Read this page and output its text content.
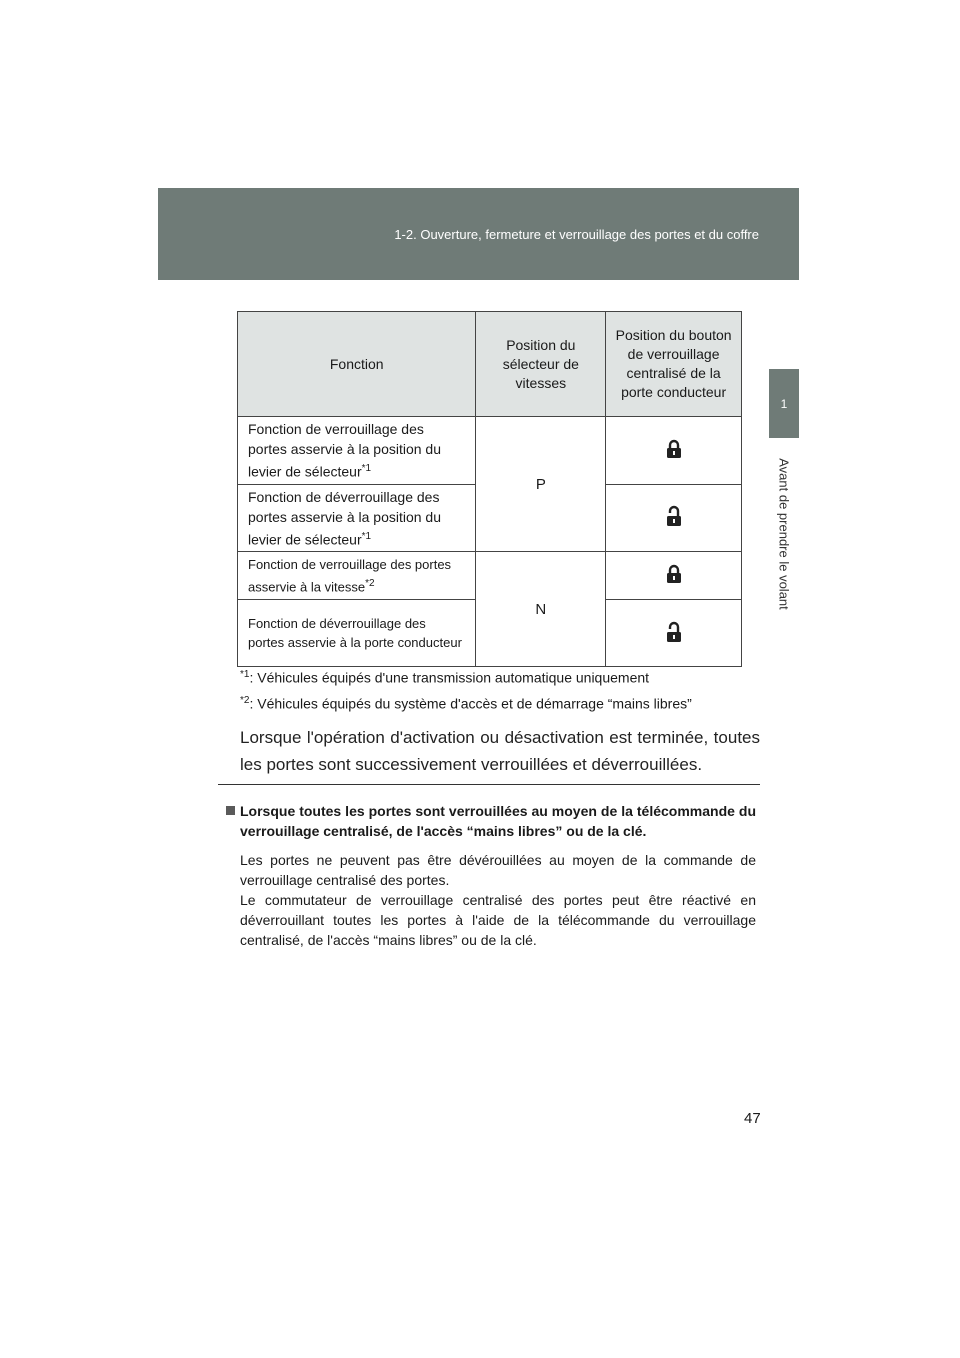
1-2. Ouverture, fermeture et verrouillage des portes et du coffre
1
Avant de prendre le volant
Fonction	Position du sélecteur de vitesses	Position du bouton de verrouillage centralisé de la porte conducteur
Fonction de verrouillage des portes asservie à la position du levier de sélecteur$^{*1}$	P	
Fonction de déverrouillage des portes asservie à la position du levier de sélecteur$^{*1}$	
Fonction de verrouillage des portes asservie à la vitesse$^{*2}$	N	
Fonction de déverrouillage des portes asservie à la porte conducteur	
$^{*1}$: Véhicules équipés d'une transmission automatique uniquement
$^{*2}$: Véhicules équipés du système d'accès et de démarrage “mains libres”
Lorsque l'opération d'activation ou désactivation est terminée, toutes les portes sont successivement verrouillées et déverrouillées.
Lorsque toutes les portes sont verrouillées au moyen de la télécommande du verrouillage centralisé, de l'accès “mains libres” ou de la clé.
Les portes ne peuvent pas être dévérouillées au moyen de la commande de verrouillage centralisé des portes.
Le commutateur de verrouillage centralisé des portes peut être réactivé en déverrouillant toutes les portes à l'aide de la télécommande du verrouillage centralisé, de l'accès “mains libres” ou de la clé.
47
